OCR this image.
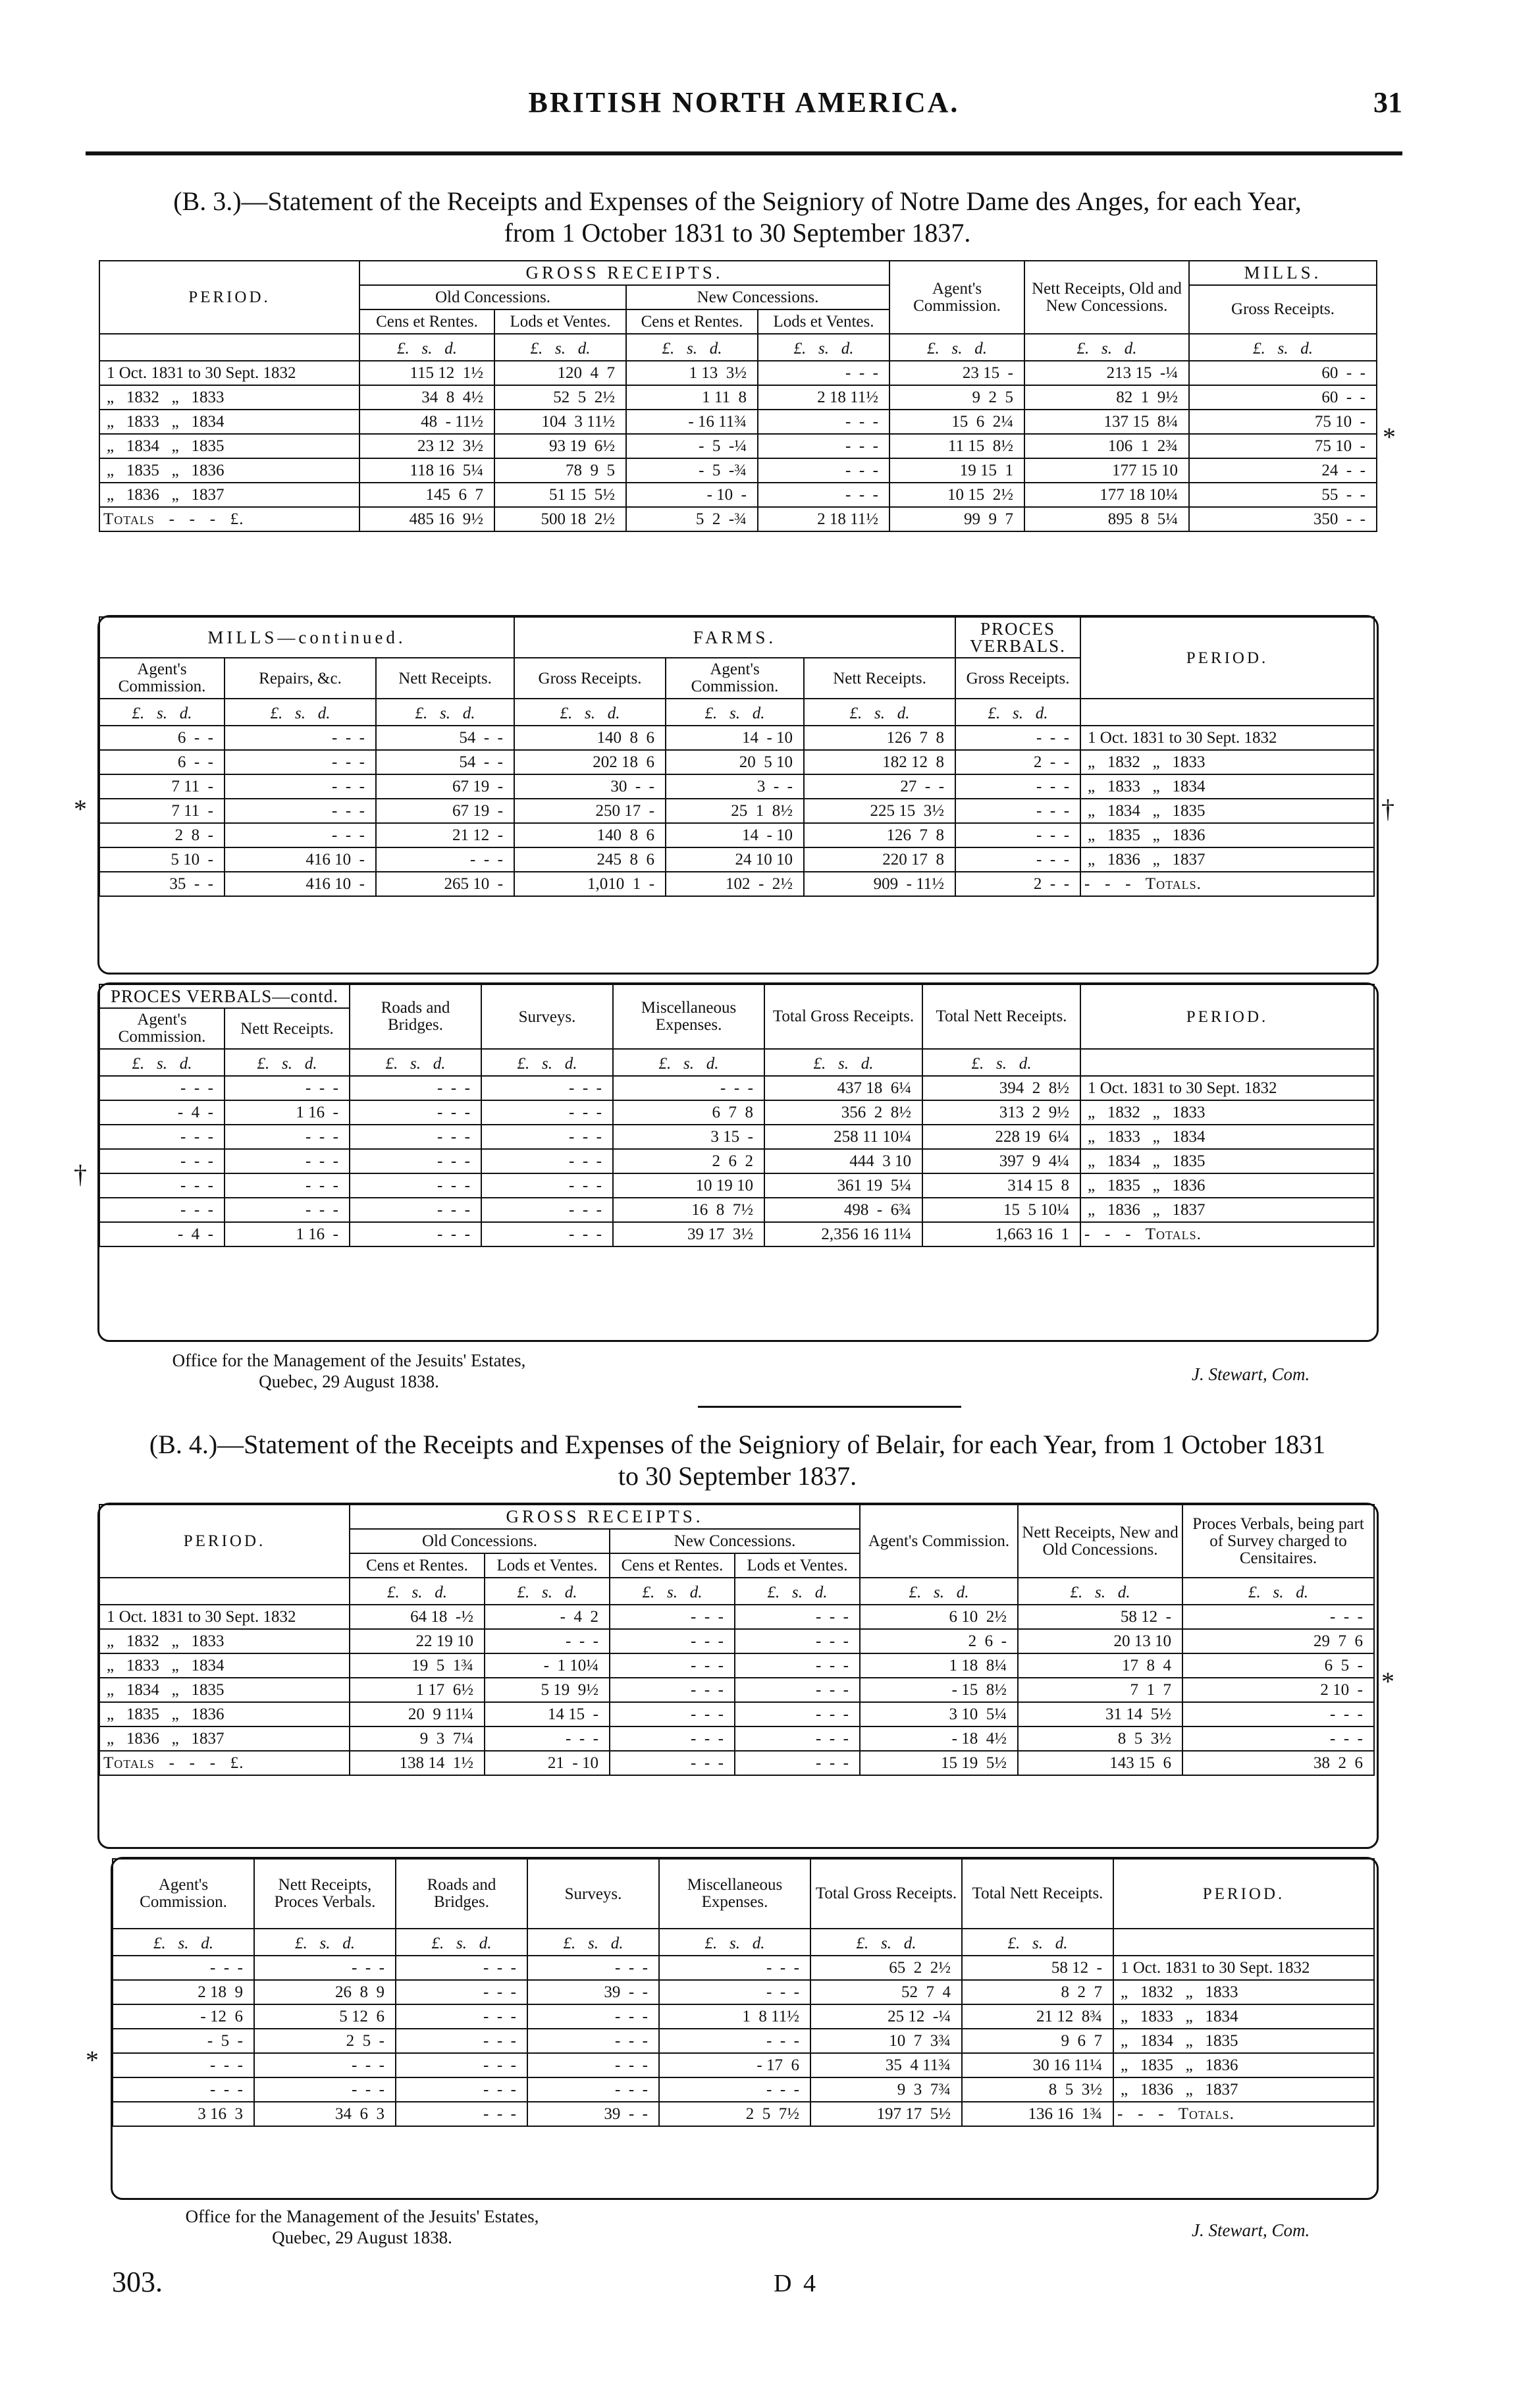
BRITISH NORTH AMERICA.	31
(B. 3.)—Statement of the Receipts and Expenses of the Seigniory of Notre Dame des Anges, for each Year,
from 1 October 1831 to 30 September 1837.
PERIOD.	GROSS RECEIPTS.				Agent's Commission.	Nett Receipts, Old and New Concessions.	MILLS.
	Old Concessions.		New Concessions.				Gross Receipts.
	Cens et Rentes.	Lods et Ventes.	Cens et Rentes.	Lods et Ventes.			
	£.   s.   d.	£.   s.   d.	£.   s.   d.	£.   s.   d.	£.   s.   d.	£.   s.   d.	£.   s.   d.
1 Oct. 1831 to 30 Sept. 1832	115 12  1½	120  4  7	1 13  3½	-  -  -	23 15  -	213 15  -¼	60  -  -
„   1832   „   1833	34  8  4½	52  5  2½	1 11  8	2 18 11½	9  2  5	82  1  9½	60  -  -
„   1833   „   1834	48  - 11½	104  3 11½	- 16 11¾	-  -  -	15  6  2¼	137 15  8¼	75 10  -
„   1834   „   1835	23 12  3½	93 19  6½	-  5  -¼	-  -  -	11 15  8½	106  1  2¾	75 10  -
„   1835   „   1836	118 16  5¼	78  9  5	-  5  -¾	-  -  -	19 15  1	177 15 10	24  -  -
„   1836   „   1837	145  6  7	51 15  5½	- 10  -	-  -  -	10 15  2½	177 18 10¼	55  -  -
Totals   -   -   -   £.	485 16  9½	500 18  2½	5  2  -¾	2 18 11½	99  9  7	895  8  5¼	350  -  -
*
MILLS—continued.			FARMS.			PROCES VERBALS.	PERIOD.
Agent's Commission.	Repairs, &c.	Nett Receipts.	Gross Receipts.	Agent's Commission.	Nett Receipts.	Gross Receipts.	
£.   s.   d.	£.   s.   d.	£.   s.   d.	£.   s.   d.	£.   s.   d.	£.   s.   d.	£.   s.   d.	
6  -  -	-  -  -	54  -  -	140  8  6	14  - 10	126  7  8	-  -  -	1 Oct. 1831 to 30 Sept. 1832
6  -  -	-  -  -	54  -  -	202 18  6	20  5 10	182 12  8	2  -  -	„   1832   „   1833
7 11  -	-  -  -	67 19  -	30  -  -	3  -  -	27  -  -	-  -  -	„   1833   „   1834
7 11  -	-  -  -	67 19  -	250 17  -	25  1  8½	225 15  3½	-  -  -	„   1834   „   1835
2  8  -	-  -  -	21 12  -	140  8  6	14  - 10	126  7  8	-  -  -	„   1835   „   1836
5 10  -	416 10  -	-  -  -	245  8  6	24 10 10	220 17  8	-  -  -	„   1836   „   1837
35  -  -	416 10  -	265 10  -	1,010  1  -	102  -  2½	909  - 11½	2  -  -	-   -   -   Totals.
*	†
PROCES VERBALS—contd.		Roads and Bridges.	Surveys.	Miscellaneous Expenses.	Total Gross Receipts.	Total Nett Receipts.	PERIOD.
Agent's Commission.	Nett Receipts.						
£.   s.   d.	£.   s.   d.	£.   s.   d.	£.   s.   d.	£.   s.   d.	£.   s.   d.	£.   s.   d.	
-  -  -	-  -  -	-  -  -	-  -  -	-  -  -	437 18  6¼	394  2  8½	1 Oct. 1831 to 30 Sept. 1832
-  4  -	1 16  -	-  -  -	-  -  -	6  7  8	356  2  8½	313  2  9½	„   1832   „   1833
-  -  -	-  -  -	-  -  -	-  -  -	3 15  -	258 11 10¼	228 19  6¼	„   1833   „   1834
-  -  -	-  -  -	-  -  -	-  -  -	2  6  2	444  3 10	397  9  4¼	„   1834   „   1835
-  -  -	-  -  -	-  -  -	-  -  -	10 19 10	361 19  5¼	314 15  8	„   1835   „   1836
-  -  -	-  -  -	-  -  -	-  -  -	16  8  7½	498  -  6¾	15  5 10¼	„   1836   „   1837
-  4  -	1 16  -	-  -  -	-  -  -	39 17  3½	2,356 16 11¼	1,663 16  1	-   -   -   Totals.
†
Office for the Management of the Jesuits' Estates,
Quebec, 29 August 1838.	J. Stewart, Com.
(B. 4.)—Statement of the Receipts and Expenses of the Seigniory of Belair, for each Year, from 1 October 1831
to 30 September 1837.
PERIOD.	GROSS RECEIPTS.				Agent's Commission.	Nett Receipts, New and Old Concessions.	Proces Verbals, being part of Survey charged to Censitaires.
	Old Concessions.		New Concessions.				
	Cens et Rentes.	Lods et Ventes.	Cens et Rentes.	Lods et Ventes.			
	£.   s.   d.	£.   s.   d.	£.   s.   d.	£.   s.   d.	£.   s.   d.	£.   s.   d.	£.   s.   d.
1 Oct. 1831 to 30 Sept. 1832	64 18  -½	-  4  2	-  -  -	-  -  -	6 10  2½	58 12  -	-  -  -
„   1832   „   1833	22 19 10	-  -  -	-  -  -	-  -  -	2  6  -	20 13 10	29  7  6
„   1833   „   1834	19  5  1¾	-  1 10¼	-  -  -	-  -  -	1 18  8¼	17  8  4	6  5  -
„   1834   „   1835	1 17  6½	5 19  9½	-  -  -	-  -  -	- 15  8½	7  1  7	2 10  -
„   1835   „   1836	20  9 11¼	14 15  -	-  -  -	-  -  -	3 10  5¼	31 14  5½	-  -  -
„   1836   „   1837	9  3  7¼	-  -  -	-  -  -	-  -  -	- 18  4½	8  5  3½	-  -  -
Totals   -   -   -   £.	138 14  1½	21  - 10	-  -  -	-  -  -	15 19  5½	143 15  6	38  2  6
*
Agent's Commission.	Nett Receipts, Proces Verbals.	Roads and Bridges.	Surveys.	Miscellaneous Expenses.	Total Gross Receipts.	Total Nett Receipts.	PERIOD.
£.   s.   d.	£.   s.   d.	£.   s.   d.	£.   s.   d.	£.   s.   d.	£.   s.   d.	£.   s.   d.	
-  -  -	-  -  -	-  -  -	-  -  -	-  -  -	65  2  2½	58 12  -	1 Oct. 1831 to 30 Sept. 1832
2 18  9	26  8  9	-  -  -	39  -  -	-  -  -	52  7  4	8  2  7	„   1832   „   1833
- 12  6	5 12  6	-  -  -	-  -  -	1  8 11½	25 12  -¼	21 12  8¾	„   1833   „   1834
-  5  -	2  5  -	-  -  -	-  -  -	-  -  -	10  7  3¾	9  6  7	„   1834   „   1835
-  -  -	-  -  -	-  -  -	-  -  -	- 17  6	35  4 11¾	30 16 11¼	„   1835   „   1836
-  -  -	-  -  -	-  -  -	-  -  -	-  -  -	9  3  7¾	8  5  3½	„   1836   „   1837
3 16  3	34  6  3	-  -  -	39  -  -	2  5  7½	197 17  5½	136 16  1¾	-   -   -   Totals.
*
Office for the Management of the Jesuits' Estates,
Quebec, 29 August 1838.	J. Stewart, Com.
303.	D 4
